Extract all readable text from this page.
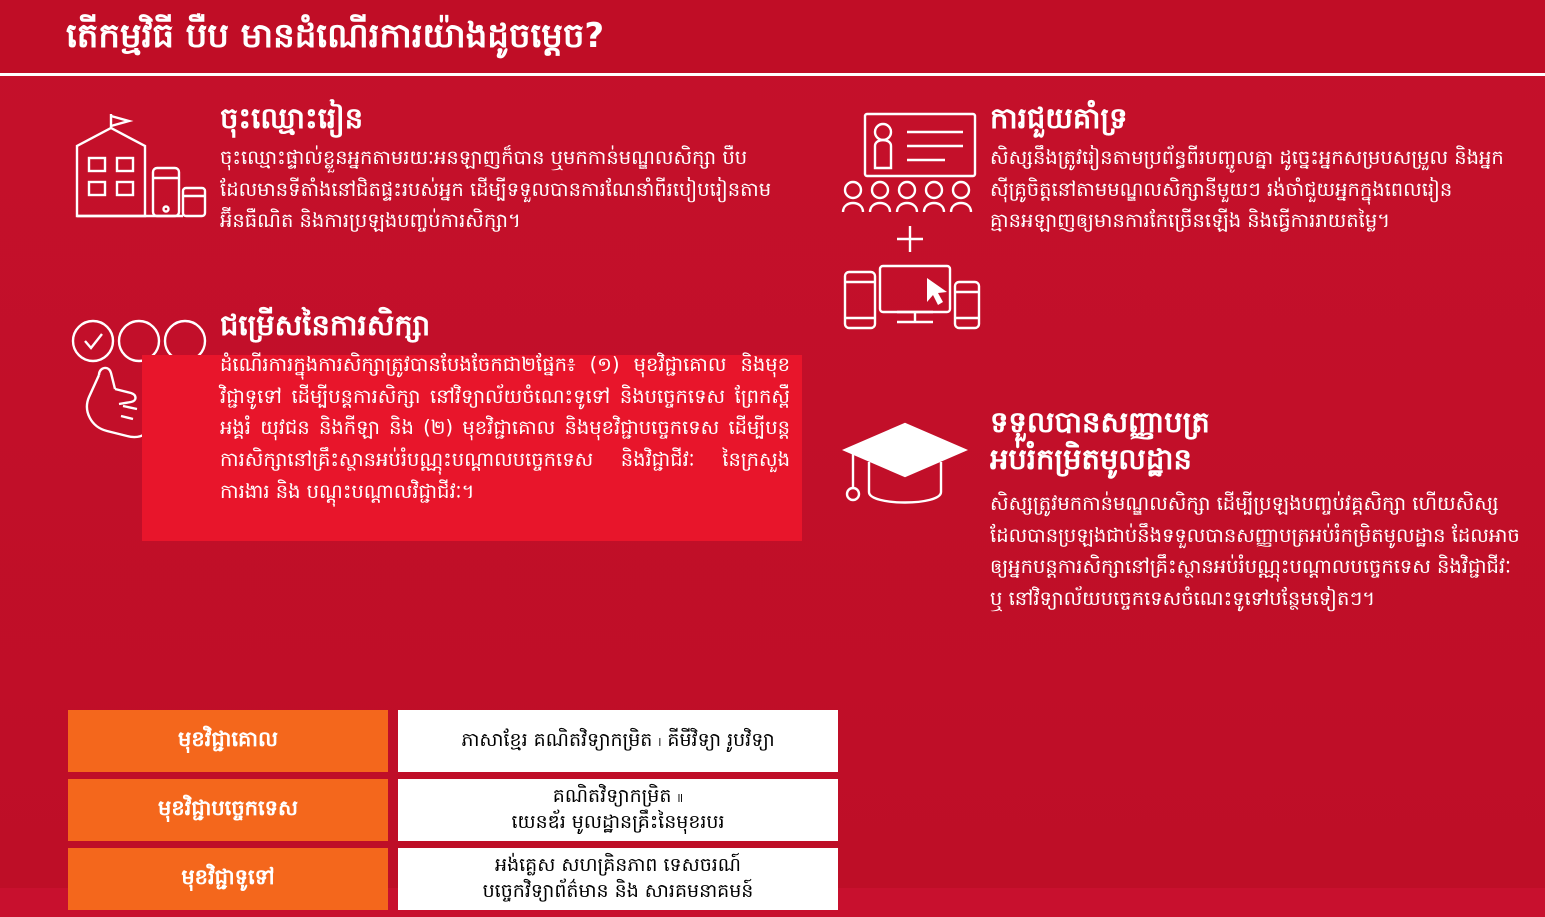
តើកម្មវិធី បឺប មានដំណើរការយ៉ាងដូចម្តេច?
ចុះឈ្មោះរៀន
ចុះឈ្មោះផ្ទាល់ខ្លួនអ្នកតាមរយៈអនឡាញក៏បាន ឬមកកាន់មណ្ឌលសិក្សា បឺប ដែលមានទីតាំងនៅជិតផ្ទះរបស់អ្នក ដើម្បីទទួលបានការណែនាំពីរបៀបរៀនតាមអ៊ីនធឺណិត និងការប្រឡងបញ្ចប់ការសិក្សា។
ជម្រើសនៃការសិក្សា
ដំណើរការក្នុងការសិក្សាត្រូវបានបែងចែកជា២ផ្នែក៖ (១) មុខវិជ្ជាគោល និងមុខវិជ្ជាទូទៅ ដើម្បីបន្តការសិក្សា នៅវិទ្យាល័យចំណេះទូទៅ និងបច្ចេកទេស ព្រែកស្ពឺអង្គរំ យុវជន និងកីឡា និង (២) មុខវិជ្ជាគោល និងមុខវិជ្ជាបច្ចេកទេស ដើម្បីបន្តការសិក្សានៅគ្រឹះស្ថានអប់រំបណ្ណុះបណ្តាលបច្ចេកទេស និងវិជ្ជាជីវៈ នៃក្រសួងការងារ និង បណ្តុះបណ្តាលវិជ្ជាជីវៈ។
មុខវិជ្ជាគោល	ភាសាខ្មែរ គណិតវិទ្យាកម្រិត ၊ គីមីវិទ្យា រូបវិទ្យា
មុខវិជ្ជាបច្ចេកទេស	គណិតវិទ្យាកម្រិត ။
យេនឌ័រ មូលដ្ឋានគ្រឹះនៃមុខរបរ
មុខវិជ្ជាទូទៅ	អង់គ្លេស សហគ្រិនភាព ទេសចរណ៍
បច្ចេកវិទ្យាព័ត៌មាន និង សារគមនាគមន៍
ការជួយគាំទ្រ
សិស្សនឹងត្រូវរៀនតាមប្រព័ន្ធពីរបញ្ចូលគ្នា ដូច្នេះអ្នកសម្របសម្រួល និងអ្នកស៊ីគ្រូចិត្តនៅតាមមណ្ឌលសិក្សានីមួយៗ រង់ចាំជួយអ្នកក្នុងពេលរៀនគ្មានអឡាញឲ្យមានការកែច្រើនឡើង និងធ្វើការរាយតម្លៃ។
ទទួលបានសញ្ញាបត្រ
អប់រំកម្រិតមូលដ្ឋាន
សិស្សត្រូវមកកាន់មណ្ឌលសិក្សា ដើម្បីប្រឡងបញ្ចប់វគ្គសិក្សា ហើយសិស្សដែលបានប្រឡងជាប់នឹងទទួលបានសញ្ញាបត្រអប់រំកម្រិតមូលដ្ឋាន ដែលអាចឲ្យអ្នកបន្តការសិក្សានៅគ្រឹះស្ថានអប់រំបណ្ណុះបណ្តាលបច្ចេកទេស និងវិជ្ជាជីវៈ ឬ នៅវិទ្យាល័យបច្ចេកទេសចំណេះទូទៅបន្ថែមទៀតៗ។
